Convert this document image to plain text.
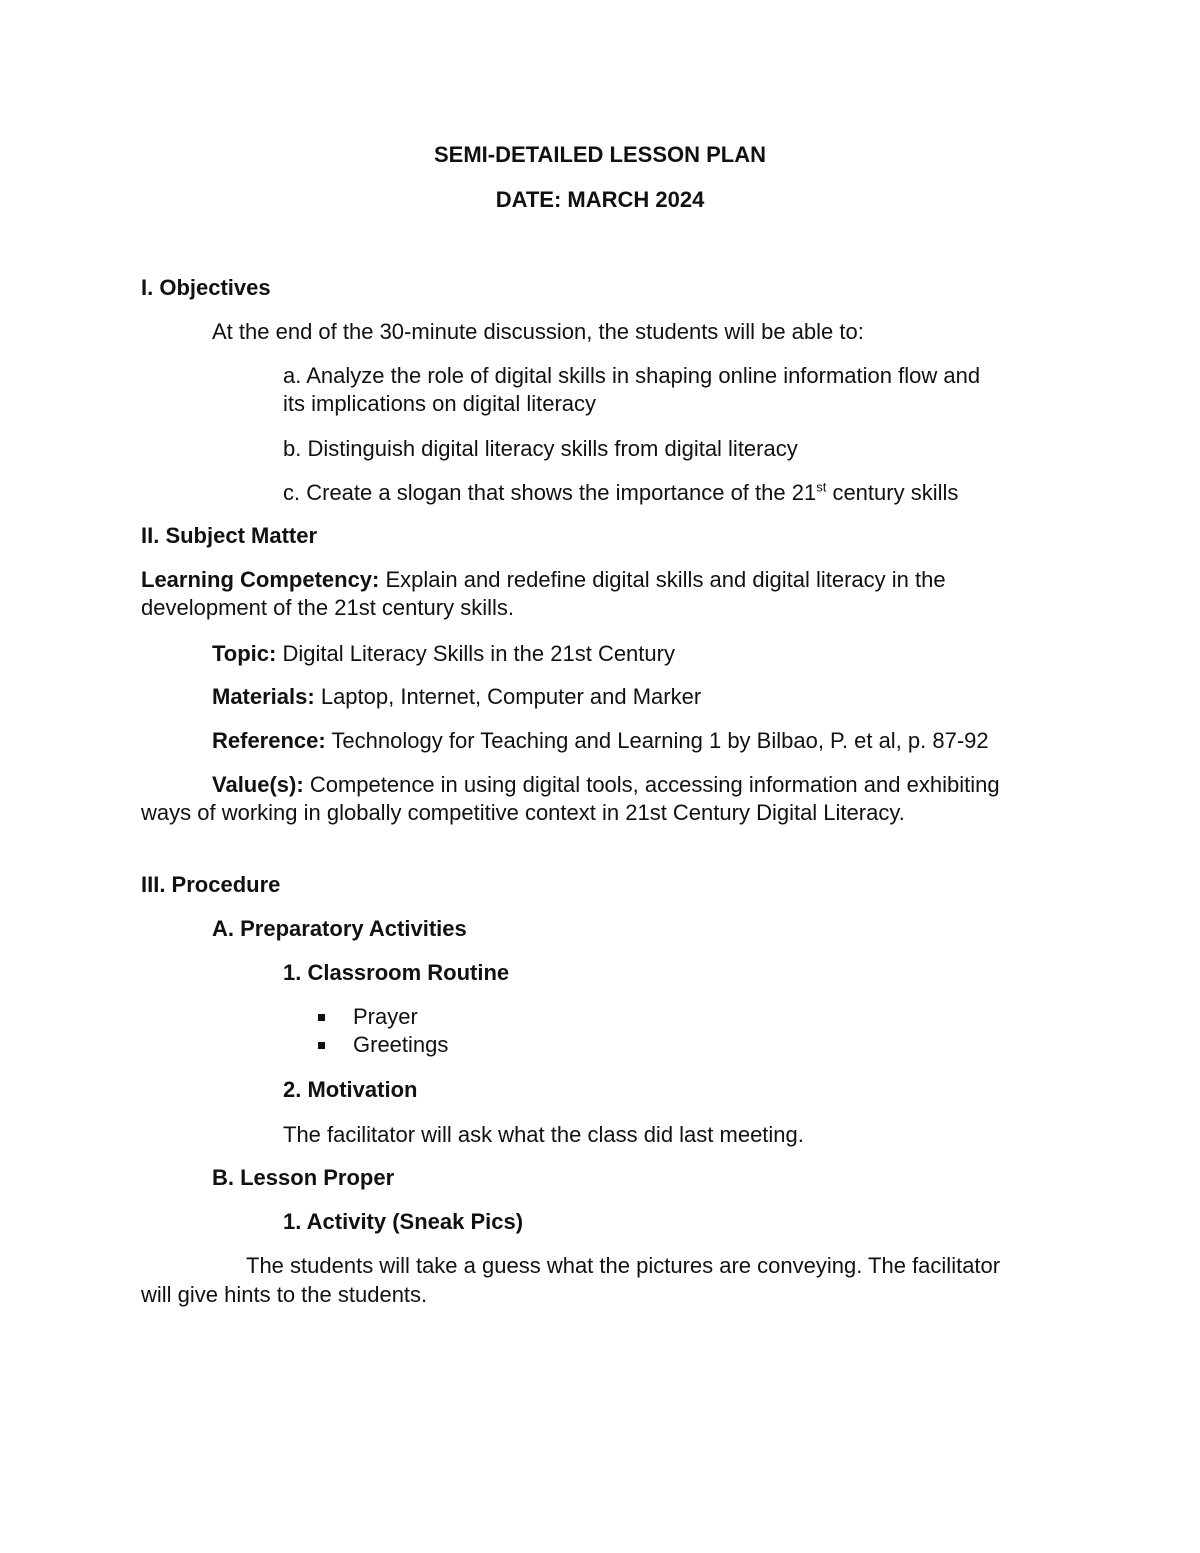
SEMI-DETAILED LESSON PLAN
DATE: MARCH 2024
I. Objectives
At the end of the 30-minute discussion, the students will be able to:
a. Analyze the role of digital skills in shaping online information flow and
its implications on digital literacy
b. Distinguish digital literacy skills from digital literacy
c. Create a slogan that shows the importance of the 21st century skills
II. Subject Matter
Learning Competency: Explain and redefine digital skills and digital literacy in the
development of the 21st century skills.
Topic: Digital Literacy Skills in the 21st Century
Materials: Laptop, Internet, Computer and Marker
Reference: Technology for Teaching and Learning 1 by Bilbao, P. et al, p. 87-92
Value(s): Competence in using digital tools, accessing information and exhibiting
ways of working in globally competitive context in 21st Century Digital Literacy.
III. Procedure
A. Preparatory Activities
1. Classroom Routine
Prayer
Greetings
2. Motivation
The facilitator will ask what the class did last meeting.
B. Lesson Proper
1. Activity (Sneak Pics)
The students will take a guess what the pictures are conveying. The facilitator
will give hints to the students.
